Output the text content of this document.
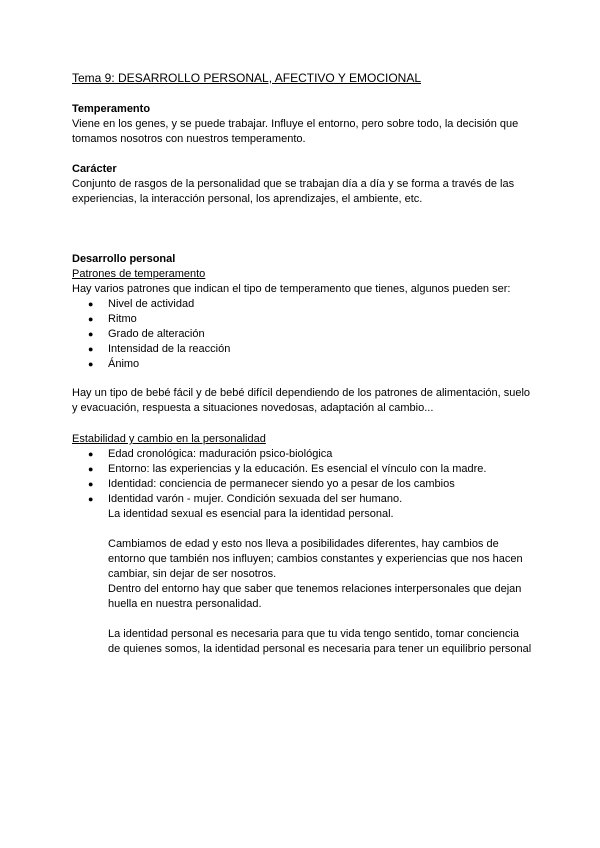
Tema 9: DESARROLLO PERSONAL, AFECTIVO Y EMOCIONAL

Temperamento

Viene en los genes, y se puede trabajar. Influye el entorno, pero sobre todo, la decisión que tomamos nosotros con nuestros temperamento.

Carácter

Conjunto de rasgos de la personalidad que se trabajan día a día y se forma a través de las experiencias, la interacción personal, los aprendizajes, el ambiente, etc.

Desarrollo personal

Patrones de temperamento

Hay varios patrones que indican el tipo de temperamento que tienes, algunos pueden ser:

● Nivel de actividad
● Ritmo
● Grado de alteración
● Intensidad de la reacción
● Ánimo

Hay un tipo de bebé fácil y de bebé difícil dependiendo de los patrones de alimentación, suelo y evacuación, respuesta a situaciones novedosas, adaptación al cambio...

Estabilidad y cambio en la personalidad

● Edad cronológica: maduración psico-biológica
● Entorno: las experiencias y la educación. Es esencial el vínculo con la madre.
● Identidad: conciencia de permanecer siendo yo a pesar de los cambios
● Identidad varón - mujer. Condición sexuada del ser humano.

La identidad sexual es esencial para la identidad personal.

Cambiamos de edad y esto nos lleva a posibilidades diferentes, hay cambios de entorno que también nos influyen; cambios constantes y experiencias que nos hacen cambiar, sin dejar de ser nosotros.

Dentro del entorno hay que saber que tenemos relaciones interpersonales que dejan huella en nuestra personalidad.

La identidad personal es necesaria para que tu vida tengo sentido, tomar conciencia de quienes somos, la identidad personal es necesaria para tener un equilibrio personal
